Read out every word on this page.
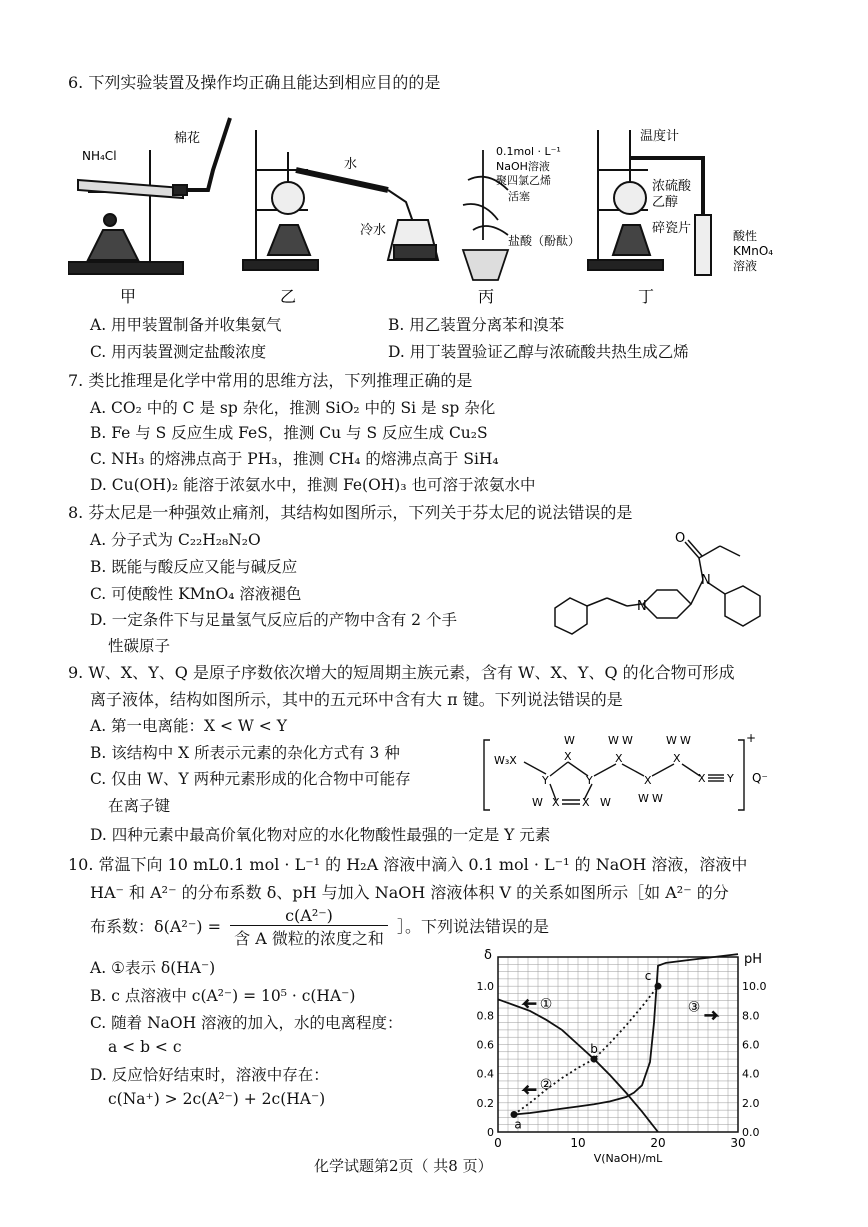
6. 下列实验装置及操作均正确且能达到相应目的的是
NH₄Cl
棉花
水
冷水
0.1mol · L⁻¹
NaOH溶液
聚四氯乙烯
活塞
盐酸（酚酞）
温度计
浓硫酸
乙醇
碎瓷片	酸性
KMnO₄
溶液
甲	乙	丙	丁
A. 用甲装置制备并收集氨气	B. 用乙装置分离苯和溴苯
C. 用丙装置测定盐酸浓度	D. 用丁装置验证乙醇与浓硫酸共热生成乙烯
7. 类比推理是化学中常用的思维方法，下列推理正确的是
A. CO₂ 中的 C 是 sp 杂化，推测 SiO₂ 中的 Si 是 sp 杂化
B. Fe 与 S 反应生成 FeS，推测 Cu 与 S 反应生成 Cu₂S
C. NH₃ 的熔沸点高于 PH₃，推测 CH₄ 的熔沸点高于 SiH₄
D. Cu(OH)₂ 能溶于浓氨水中，推测 Fe(OH)₃ 也可溶于浓氨水中
8. 芬太尼是一种强效止痛剂，其结构如图所示，下列关于芬太尼的说法错误的是
A. 分子式为 C₂₂H₂₈N₂O
B. 既能与酸反应又能与碱反应
C. 可使酸性 KMnO₄ 溶液褪色
D. 一定条件下与足量氢气反应后的产物中含有 2 个手
性碳原子
O
N
N
9. W、X、Y、Q 是原子序数依次增大的短周期主族元素，含有 W、X、Y、Q 的化合物可形成
离子液体，结构如图所示，其中的五元环中含有大 π 键。下列说法错误的是
A. 第一电离能：X < W < Y
B. 该结构中 X 所表示元素的杂化方式有 3 种
C. 仅由 W、Y 两种元素形成的化合物中可能存
在离子键
D. 四种元素中最高价氧化物对应的水化物酸性最强的一定是 Y 元素
W₃X
Y
X
W
Y
X
X
X
X Y
X X
W	W
W W
W W
W W	+
Q⁻
10. 常温下向 10 mL0.1 mol · L⁻¹ 的 H₂A 溶液中滴入 0.1 mol · L⁻¹ 的 NaOH 溶液，溶液中
HA⁻ 和 A²⁻ 的分布系数 δ、pH 与加入 NaOH 溶液体积 V 的关系如图所示［如 A²⁻ 的分
布系数：$\delta(A^{2-}) = \frac{\text{c(A²⁻)}}{\text{含 A 微粒的浓度之和}}$ ］。下列说法错误的是
A. ①表示 δ(HA⁻)
B. c 点溶液中 c(A²⁻) = 10⁵ · c(HA⁻)
C. 随着 NaOH 溶液的加入，水的电离程度：
a < b < c
D. 反应恰好结束时，溶液中存在：
c(Na⁺) > 2c(A²⁻) + 2c(HA⁻)
0	10	20	30
0
0.2
0.4
0.6
0.8
1.0
0.0
2.0
4.0
6.0
8.0
10.0
δ	pH
V(NaOH)/mL
①
②
③
a
b
c
化学试题第2页（ 共8 页）
